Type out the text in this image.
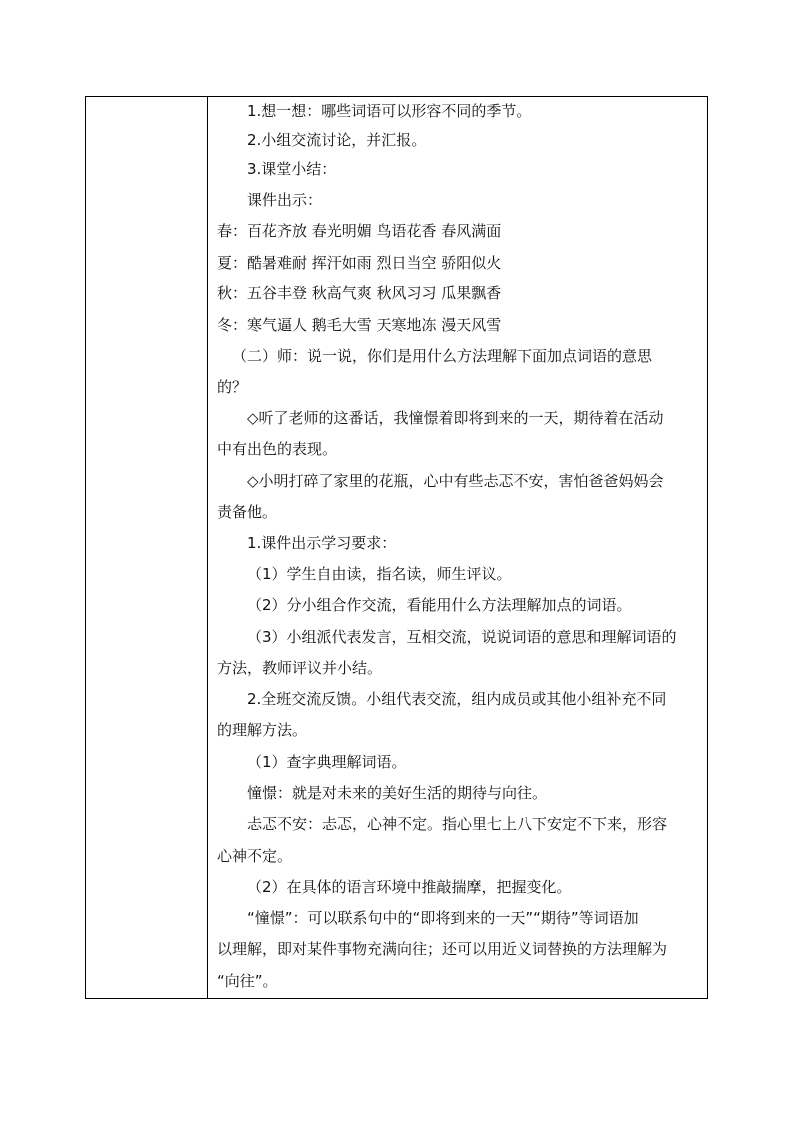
1.想一想：哪些词语可以形容不同的季节。
2.小组交流讨论，并汇报。
3.课堂小结：
课件出示：
春：百花齐放 春光明媚 鸟语花香 春风满面
夏：酷暑难耐 挥汗如雨 烈日当空 骄阳似火
秋：五谷丰登 秋高气爽 秋风习习 瓜果飘香
冬：寒气逼人 鹅毛大雪 天寒地冻 漫天风雪
（二）师：说一说，你们是用什么方法理解下面加点词语的意思
的？
◇听了老师的这番话，我憧憬着即将到来的一天，期待着在活动
中有出色的表现。
◇小明打碎了家里的花瓶，心中有些忐忑不安，害怕爸爸妈妈会
责备他。
1.课件出示学习要求：
（1）学生自由读，指名读，师生评议。
（2）分小组合作交流，看能用什么方法理解加点的词语。
（3）小组派代表发言，互相交流，说说词语的意思和理解词语的
方法，教师评议并小结。
2.全班交流反馈。小组代表交流，组内成员或其他小组补充不同
的理解方法。
（1）查字典理解词语。
憧憬：就是对未来的美好生活的期待与向往。
忐忑不安：忐忑，心神不定。指心里七上八下安定不下来，形容
心神不定。
（2）在具体的语言环境中推敲揣摩，把握变化。
“憧憬”：可以联系句中的“即将到来的一天”“期待”等词语加
以理解，即对某件事物充满向往；还可以用近义词替换的方法理解为
“向往”。
